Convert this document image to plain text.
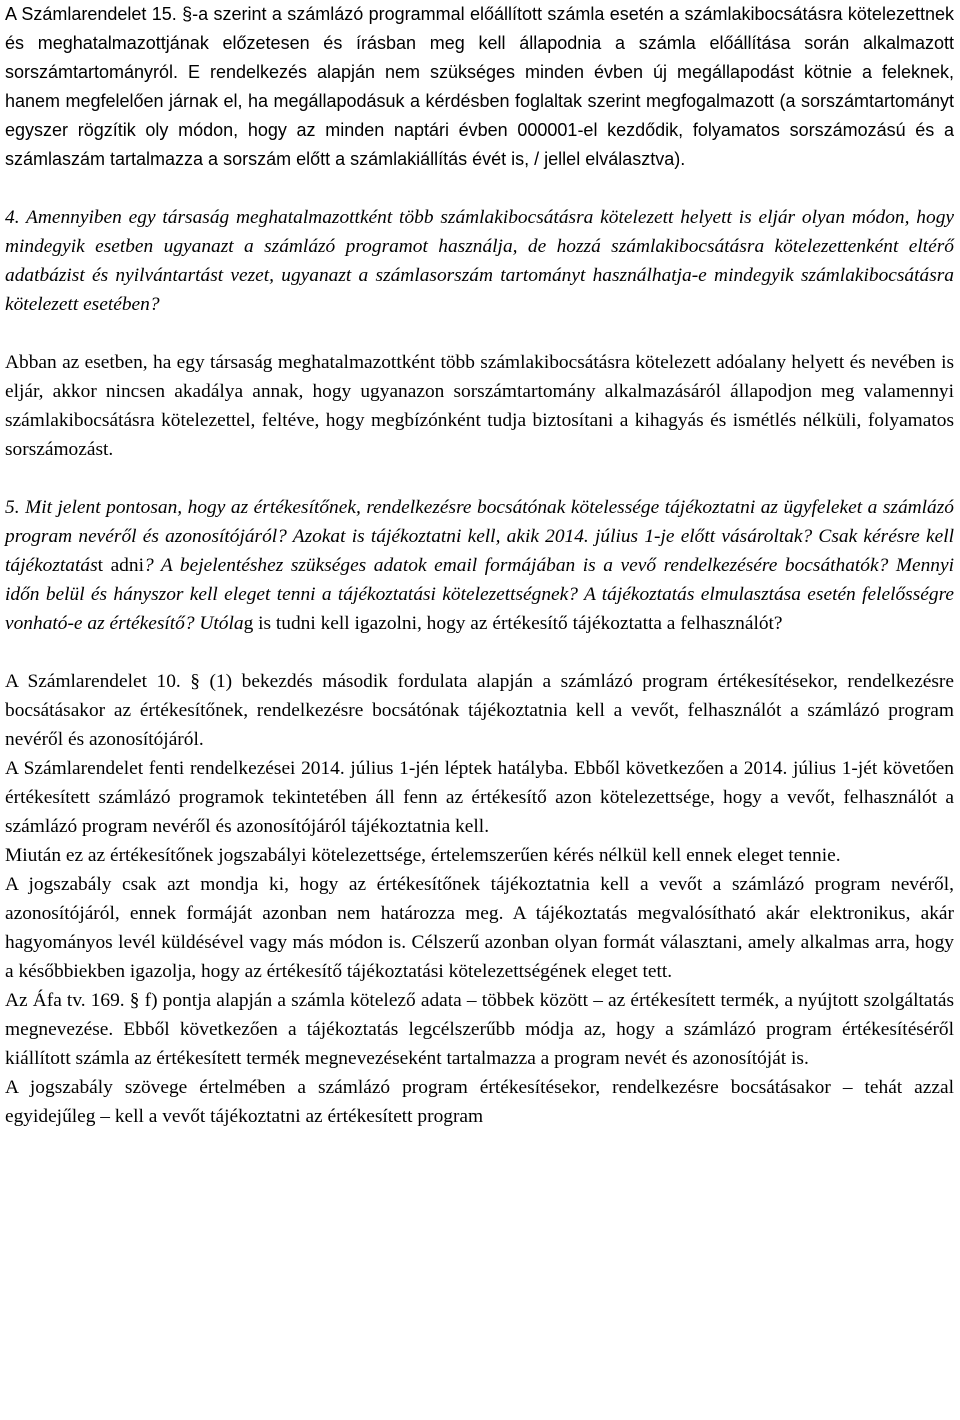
A Számlarendelet 15. §-a szerint a számlázó programmal előállított számla esetén a számlakibocsátásra kötelezettnek és meghatalmazottjának előzetesen és írásban meg kell állapodnia a számla előállítása során alkalmazott sorszámtartományról. E rendelkezés alapján nem szükséges minden évben új megállapodást kötnie a feleknek, hanem megfelelően járnak el, ha megállapodásuk a kérdésben foglaltak szerint megfogalmazott (a sorszámtartományt egyszer rögzítik oly módon, hogy az minden naptári évben 000001-el kezdődik, folyamatos sorszámozású és a számlaszám tartalmazza a sorszám előtt a számlakiállítás évét is, / jellel elválasztva).

4. Amennyiben egy társaság meghatalmazottként több számlakibocsátásra kötelezett helyett is eljár olyan módon, hogy mindegyik esetben ugyanazt a számlázó programot használja, de hozzá számlakibocsátásra kötelezettenként eltérő adatbázist és nyilvántartást vezet, ugyanazt a számlasorszám tartományt használhatja-e mindegyik számlakibocsátásra kötelezett esetében?

Abban az esetben, ha egy társaság meghatalmazottként több számlakibocsátásra kötelezett adóalany helyett és nevében is eljár, akkor nincsen akadálya annak, hogy ugyanazon sorszámtartomány alkalmazásáról állapodjon meg valamennyi számlakibocsátásra kötelezettel, feltéve, hogy megbízónként tudja biztosítani a kihagyás és ismétlés nélküli, folyamatos sorszámozást.

5. Mit jelent pontosan, hogy az értékesítőnek, rendelkezésre bocsátónak kötelessége tájékoztatni az ügyfeleket a számlázó program nevéről és azonosítójáról? Azokat is tájékoztatni kell, akik 2014. július 1-je előtt vásároltak? Csak kérésre kell tájékoztatást adni? A bejelentéshez szükséges adatok email formájában is a vevő rendelkezésére bocsáthatók? Mennyi időn belül és hányszor kell eleget tenni a tájékoztatási kötelezettségnek? A tájékoztatás elmulasztása esetén felelősségre vonható-e az értékesítő? Utólag is tudni kell igazolni, hogy az értékesítő tájékoztatta a felhasználót?

A Számlarendelet 10. § (1) bekezdés második fordulata alapján a számlázó program értékesítésekor, rendelkezésre bocsátásakor az értékesítőnek, rendelkezésre bocsátónak tájékoztatnia kell a vevőt, felhasználót a számlázó program nevéről és azonosítójáról.

A Számlarendelet fenti rendelkezései 2014. július 1-jén léptek hatályba. Ebből következően a 2014. július 1-jét követően értékesített számlázó programok tekintetében áll fenn az értékesítő azon kötelezettsége, hogy a vevőt, felhasználót a számlázó program nevéről és azonosítójáról tájékoztatnia kell.

Miután ez az értékesítőnek jogszabályi kötelezettsége, értelemszerűen kérés nélkül kell ennek eleget tennie.

A jogszabály csak azt mondja ki, hogy az értékesítőnek tájékoztatnia kell a vevőt a számlázó program nevéről, azonosítójáról, ennek formáját azonban nem határozza meg. A tájékoztatás megvalósítható akár elektronikus, akár hagyományos levél küldésével vagy más módon is. Célszerű azonban olyan formát választani, amely alkalmas arra, hogy a későbbiekben igazolja, hogy az értékesítő tájékoztatási kötelezettségének eleget tett.

Az Áfa tv. 169. § f) pontja alapján a számla kötelező adata – többek között – az értékesített termék, a nyújtott szolgáltatás megnevezése. Ebből következően a tájékoztatás legcélszerűbb módja az, hogy a számlázó program értékesítéséről kiállított számla az értékesített termék megnevezéseként tartalmazza a program nevét és azonosítóját is.

A jogszabály szövege értelmében a számlázó program értékesítésekor, rendelkezésre bocsátásakor – tehát azzal egyidejűleg – kell a vevőt tájékoztatni az értékesített program
